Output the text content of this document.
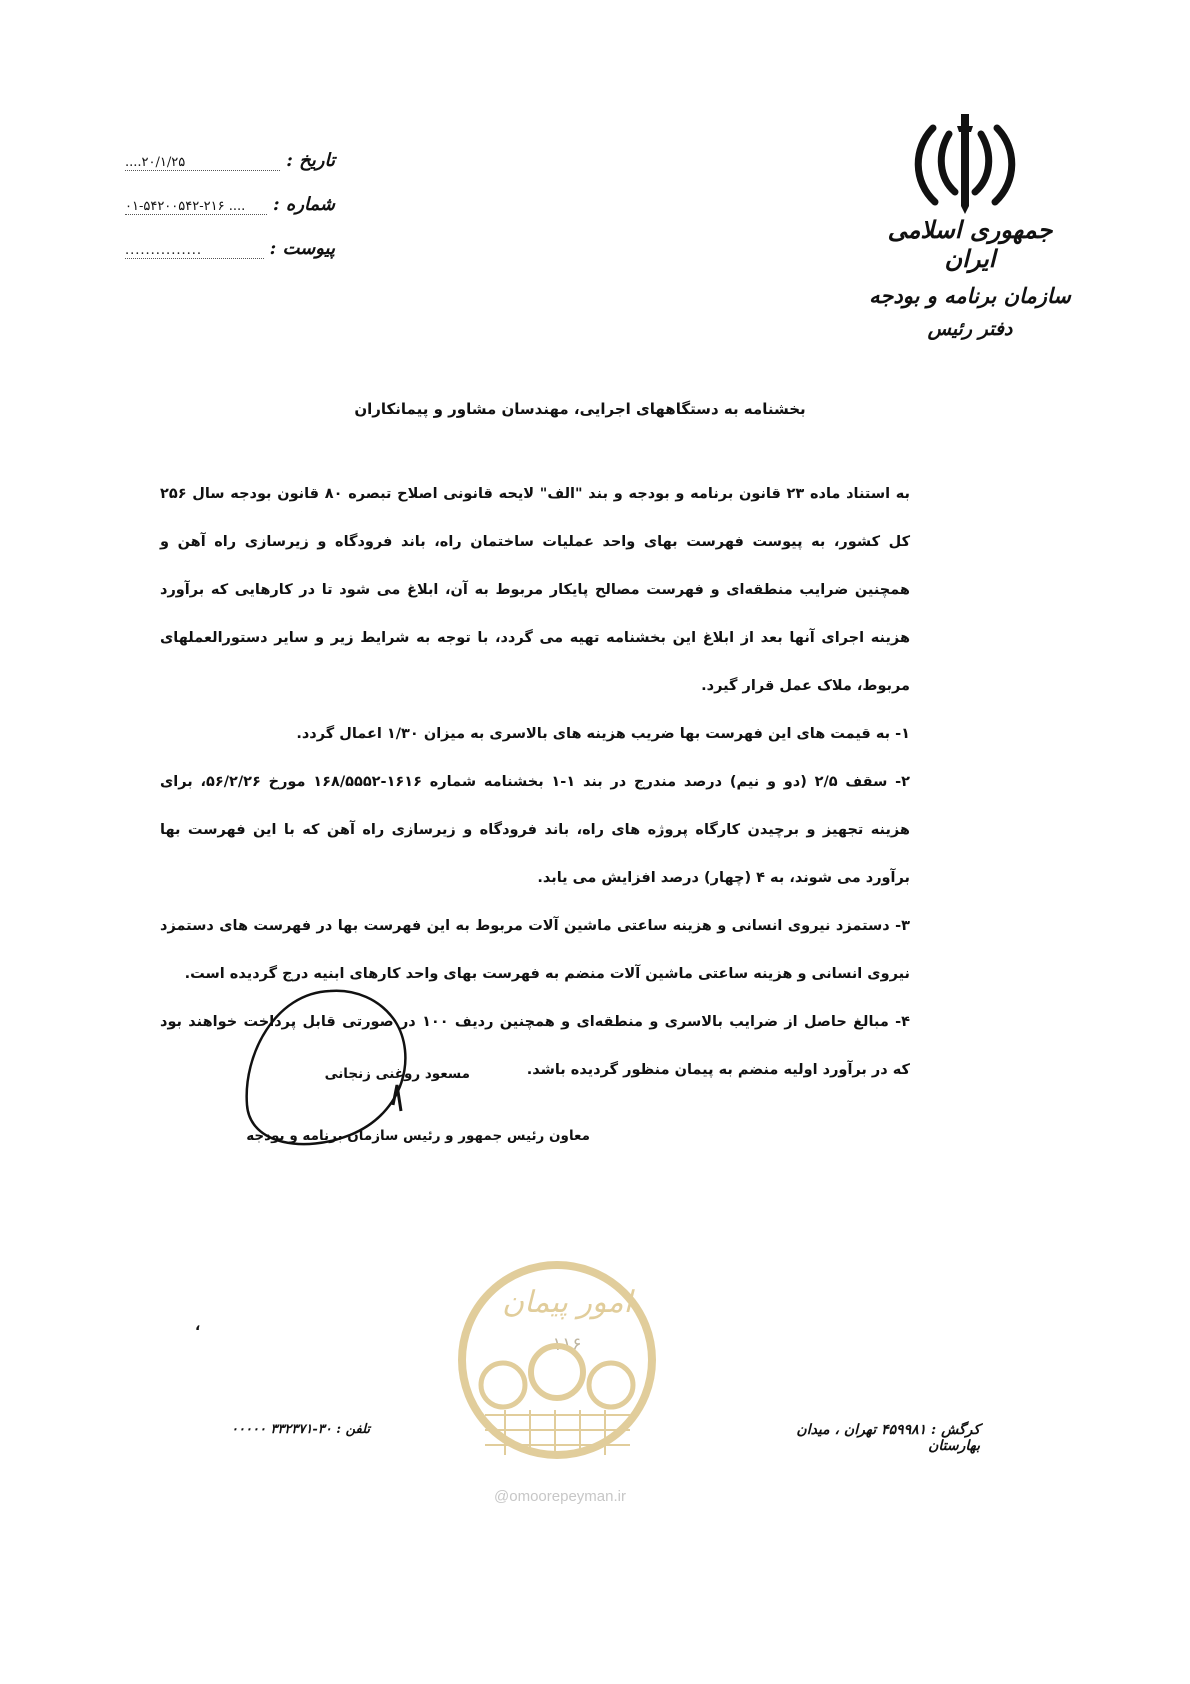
جمهوری اسلامی ایران
سازمان برنامه و بودجه
دفتر رئیس
تاریخ :
....۲۰/۱/۲۵
شماره :
۰۱-۵۴۲۰۰۵۴۲-۲۱۶ ....
پیوست :
...............
بخشنامه به دستگاههای اجرایی، مهندسان مشاور و پیمانکاران

به استناد ماده ۲۳ قانون برنامه و بودجه و بند "الف" لایحه قانونی اصلاح تبصره ۸۰ قانون بودجه سال ۲۵۶ کل کشور، به پیوست فهرست بهای واحد عملیات ساختمان راه، باند فرودگاه و زیرسازی راه آهن و همچنین ضرایب منطقه‌ای و فهرست مصالح پایکار مربوط به آن، ابلاغ می شود تا در کارهایی که برآورد هزینه اجرای آنها بعد از ابلاغ این بخشنامه تهیه می گردد، با توجه به شرایط زیر و سایر دستورالعملهای مربوط، ملاک عمل قرار گیرد.

۱- به قیمت های این فهرست بها ضریب هزینه های بالاسری به میزان ۱/۳۰ اعمال گردد.

۲- سقف ۲/۵ (دو و نیم) درصد مندرج در بند ۱-۱ بخشنامه شماره ۱۶۱۶-۱۶۸/۵۵۵۲ مورخ ۵۶/۲/۲۶، برای هزینه تجهیز و برچیدن کارگاه پروژه های راه، باند فرودگاه و زیرسازی راه آهن که با این فهرست بها برآورد می شوند، به ۴ (چهار) درصد افزایش می یابد.

۳- دستمزد نیروی انسانی و هزینه ساعتی ماشین آلات مربوط به این فهرست بها در فهرست های دستمزد نیروی انسانی و هزینه ساعتی ماشین آلات منضم به فهرست بهای واحد کارهای ابنیه درج گردیده است.

۴- مبالغ حاصل از ضرایب بالاسری و منطقه‌ای و همچنین ردیف ۱۰۰ در صورتی قابل پرداخت خواهند بود که در برآورد اولیه منضم به پیمان منظور گردیده باشد.

مسعود روغنی زنجانی
معاون رئیس جمهور و رئیس سازمان برنامه و بودجه
امور پیمان
۱۱۶
@omoorepeyman.ir
،
کرگش : ۴۵۹۹۸۱ تهران ، میدان بهارستان
تلفن : ۳۰-۳۳۲۳۷۱ ۰۰۰۰۰
